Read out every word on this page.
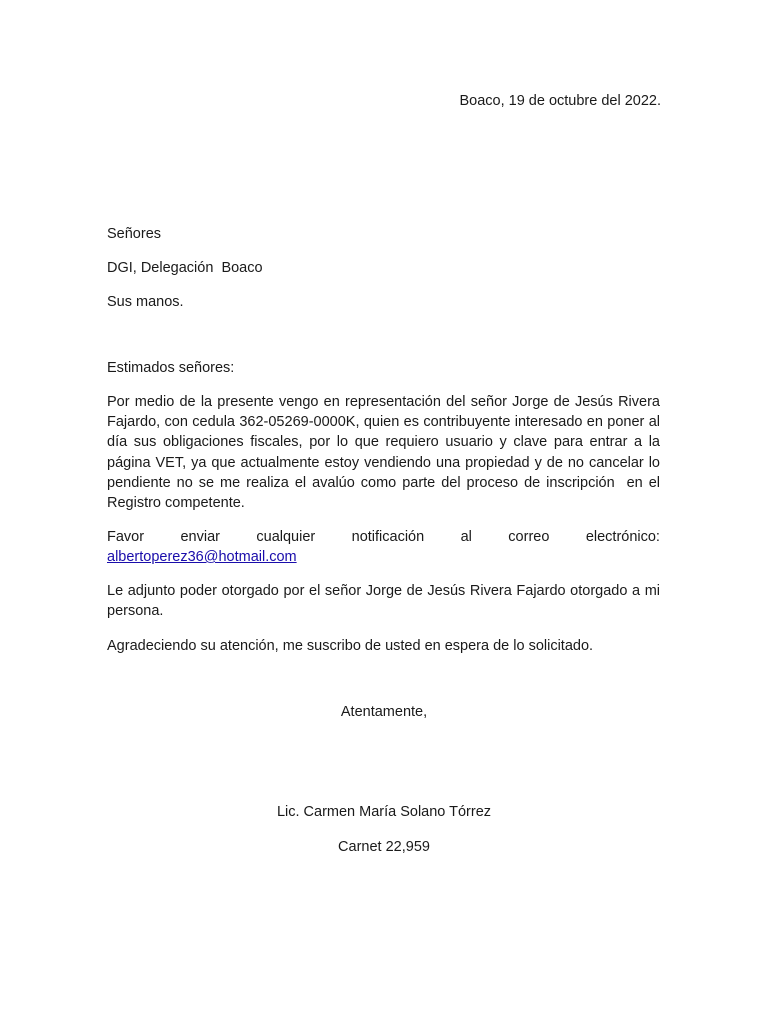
Boaco, 19 de octubre del 2022.
Señores
DGI, Delegación  Boaco
Sus manos.
Estimados señores:
Por medio de la presente vengo en representación del señor Jorge de Jesús Rivera Fajardo, con cedula 362-05269-0000K, quien es contribuyente interesado en poner al día sus obligaciones fiscales, por lo que requiero usuario y clave para entrar a la página VET, ya que actualmente estoy vendiendo una propiedad y de no cancelar lo pendiente no se me realiza el avalúo como parte del proceso de inscripción  en el Registro competente.
Favor	enviar	cualquier	notificación	al	correo	electrónico:
albertoperez36@hotmail.com
Le adjunto poder otorgado por el señor Jorge de Jesús Rivera Fajardo otorgado a mi persona.
Agradeciendo su atención, me suscribo de usted en espera de lo solicitado.
Atentamente,
Lic. Carmen María Solano Tórrez
Carnet 22,959
